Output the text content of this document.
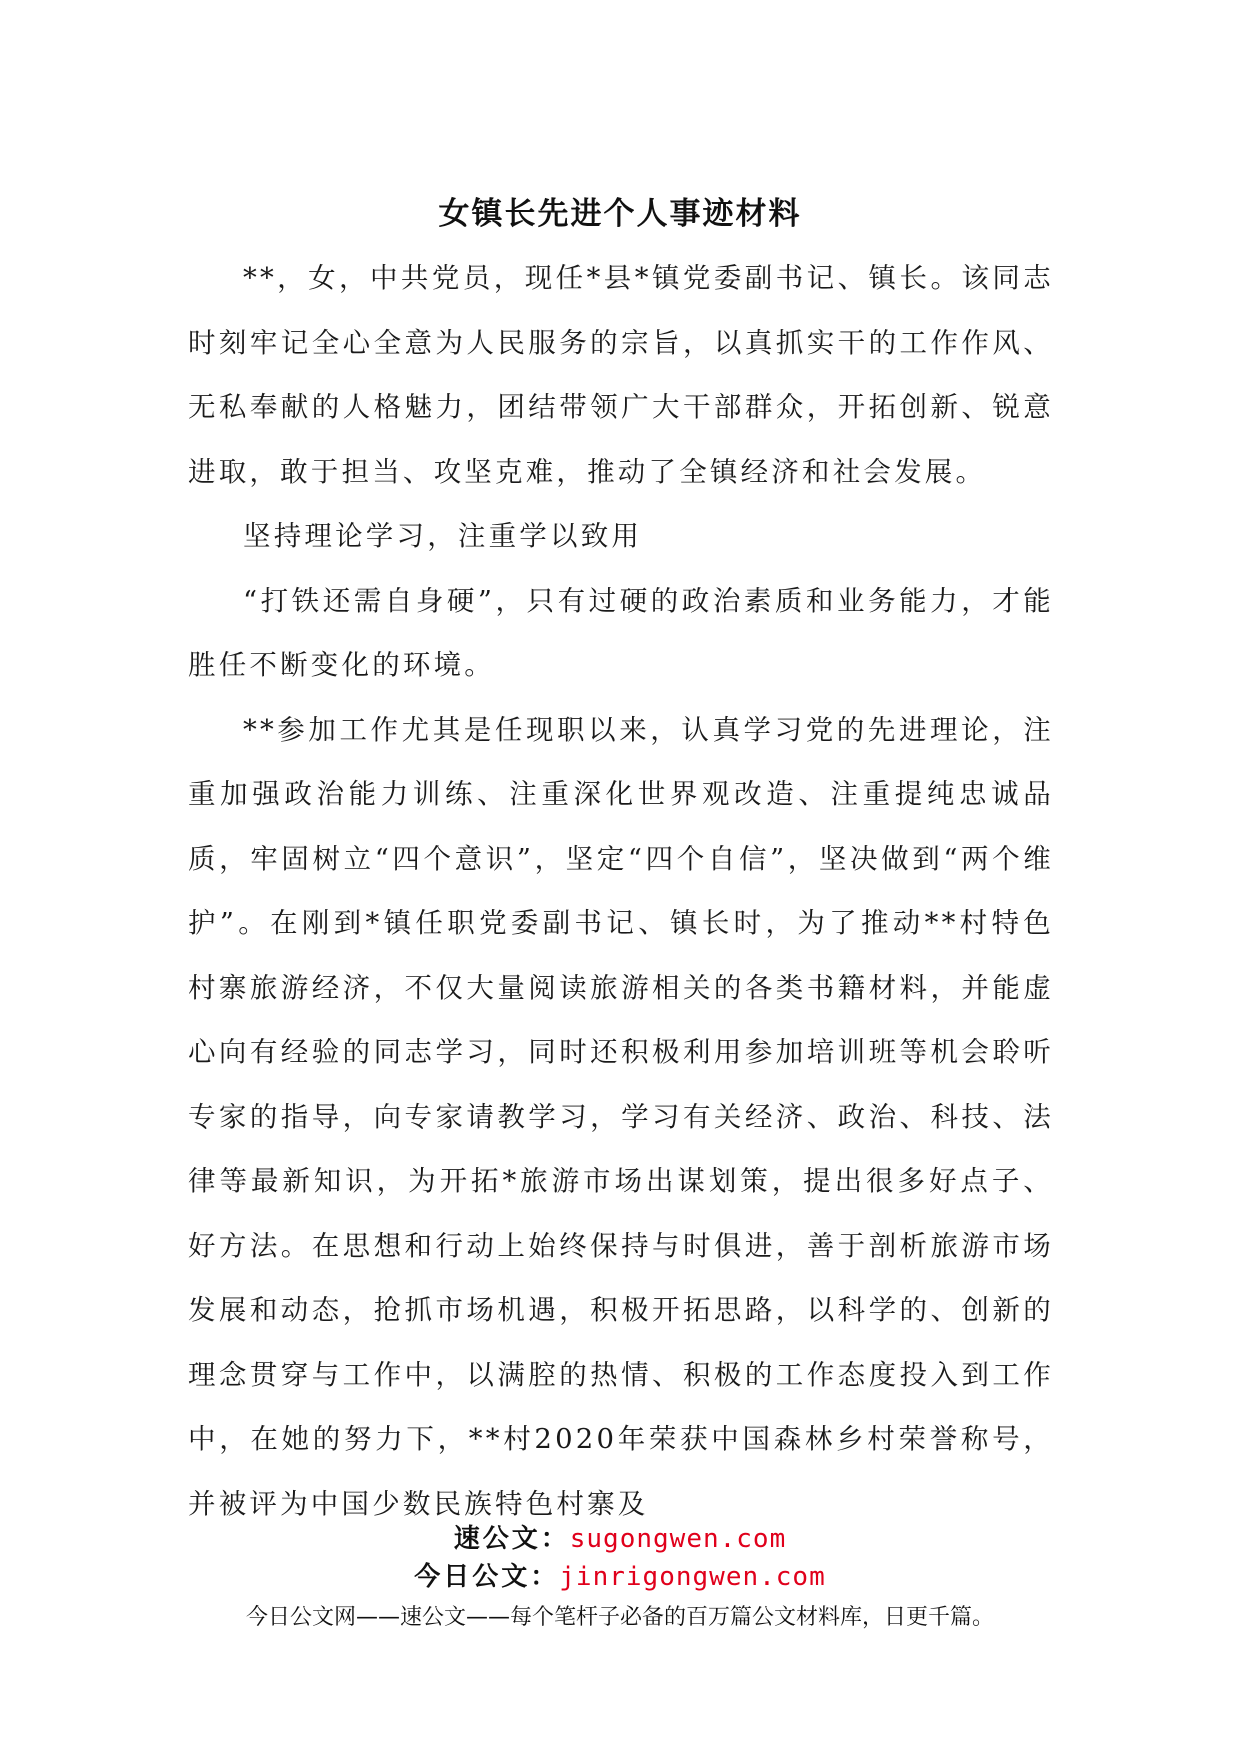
女镇长先进个人事迹材料

**，女，中共党员，现任*县*镇党委副书记、镇长。该同志时刻牢记全心全意为人民服务的宗旨，以真抓实干的工作作风、无私奉献的人格魅力，团结带领广大干部群众，开拓创新、锐意进取，敢于担当、攻坚克难，推动了全镇经济和社会发展。

坚持理论学习，注重学以致用

“打铁还需自身硬”，只有过硬的政治素质和业务能力，才能胜任不断变化的环境。

**参加工作尤其是任现职以来，认真学习党的先进理论，注重加强政治能力训练、注重深化世界观改造、注重提纯忠诚品质，牢固树立“四个意识”，坚定“四个自信”，坚决做到“两个维护”。在刚到*镇任职党委副书记、镇长时，为了推动**村特色村寨旅游经济，不仅大量阅读旅游相关的各类书籍材料，并能虚心向有经验的同志学习，同时还积极利用参加培训班等机会聆听专家的指导，向专家请教学习，学习有关经济、政治、科技、法律等最新知识，为开拓*旅游市场出谋划策，提出很多好点子、好方法。在思想和行动上始终保持与时俱进，善于剖析旅游市场发展和动态，抢抓市场机遇，积极开拓思路，以科学的、创新的理念贯穿与工作中，以满腔的热情、积极的工作态度投入到工作中，在她的努力下，**村2020年荣获中国森林乡村荣誉称号，并被评为中国少数民族特色村寨及

速公文：sugongwen.com
今日公文：jinrigongwen.com
今日公文网——速公文——每个笔杆子必备的百万篇公文材料库，日更千篇。
